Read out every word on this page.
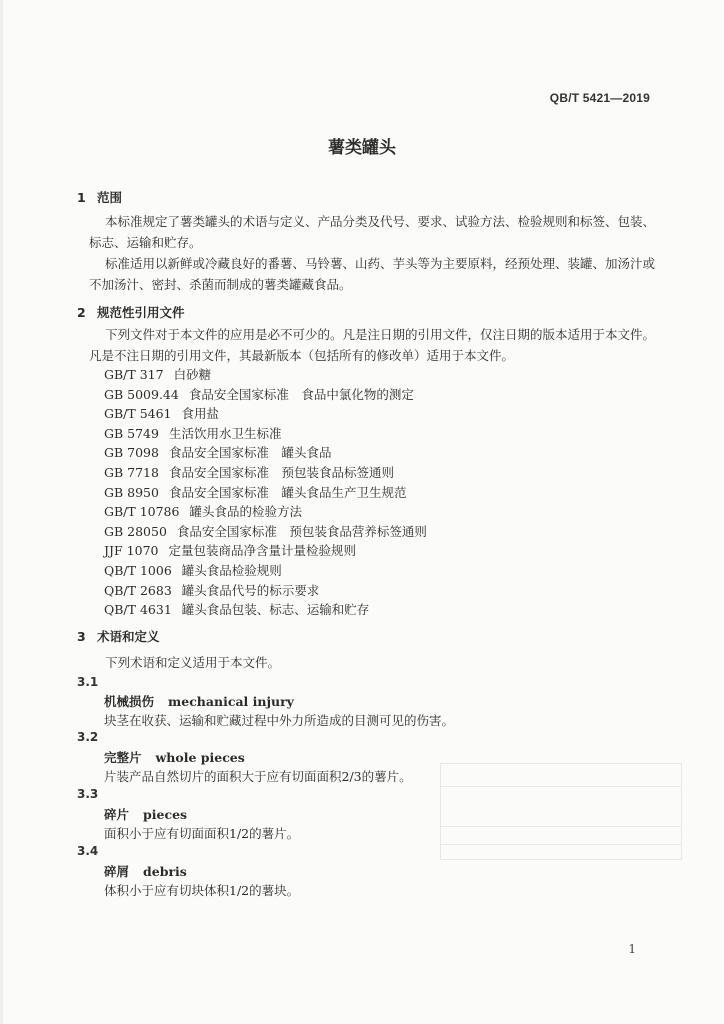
QB/T 5421—2019
薯类罐头
1 范围
本标准规定了薯类罐头的术语与定义、产品分类及代号、要求、试验方法、检验规则和标签、包装、标志、运输和贮存。
标准适用以新鲜或冷藏良好的番薯、马铃薯、山药、芋头等为主要原料，经预处理、装罐、加汤汁或不加汤汁、密封、杀菌而制成的薯类罐藏食品。
2 规范性引用文件
下列文件对于本文件的应用是必不可少的。凡是注日期的引用文件，仅注日期的版本适用于本文件。凡是不注日期的引用文件，其最新版本（包括所有的修改单）适用于本文件。
GB/T 317 白砂糖
GB 5009.44 食品安全国家标准　食品中氯化物的测定
GB/T 5461 食用盐
GB 5749 生活饮用水卫生标准
GB 7098 食品安全国家标准　罐头食品
GB 7718 食品安全国家标准　预包装食品标签通则
GB 8950 食品安全国家标准　罐头食品生产卫生规范
GB/T 10786 罐头食品的检验方法
GB 28050 食品安全国家标准　预包装食品营养标签通则
JJF 1070 定量包装商品净含量计量检验规则
QB/T 1006 罐头食品检验规则
QB/T 2683 罐头食品代号的标示要求
QB/T 4631 罐头食品包装、标志、运输和贮存
3 术语和定义
下列术语和定义适用于本文件。
3.1
机械损伤 mechanical injury
块茎在收获、运输和贮藏过程中外力所造成的目测可见的伤害。
3.2
完整片 whole pieces
片装产品自然切片的面积大于应有切面面积2/3的薯片。
3.3
碎片 pieces
面积小于应有切面面积1/2的薯片。
3.4
碎屑 debris
体积小于应有切块体积1/2的薯块。
1
